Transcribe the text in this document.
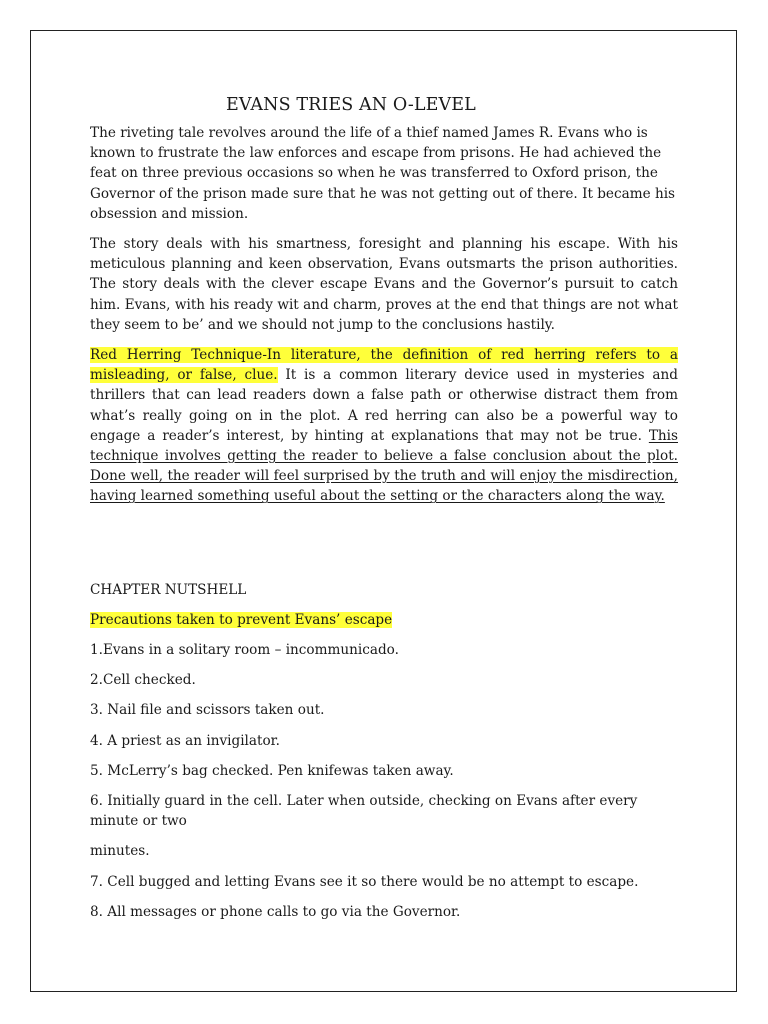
EVANS TRIES AN O-LEVEL

The riveting tale revolves around the life of a thief named James R. Evans who is known to frustrate the law enforces and escape from prisons. He had achieved the feat on three previous occasions so when he was transferred to Oxford prison, the Governor of the prison made sure that he was not getting out of there. It became his obsession and mission.

The story deals with his smartness, foresight and planning his escape. With his meticulous planning and keen observation, Evans outsmarts the prison authorities. The story deals with the clever escape Evans and the Governor’s pursuit to catch him. Evans, with his ready wit and charm, proves at the end that things are not what they seem to be’ and we should not jump to the conclusions hastily.

Red Herring Technique-In literature, the definition of red herring refers to a misleading, or false, clue. It is a common literary device used in mysteries and thrillers that can lead readers down a false path or otherwise distract them from what’s really going on in the plot. A red herring can also be a powerful way to engage a reader’s interest, by hinting at explanations that may not be true. This technique involves getting the reader to believe a false conclusion about the plot. Done well, the reader will feel surprised by the truth and will enjoy the misdirection, having learned something useful about the setting or the characters along the way.

CHAPTER NUTSHELL

Precautions taken to prevent Evans’ escape

1.Evans in a solitary room – incommunicado.

2.Cell checked.

3. Nail file and scissors taken out.

4. A priest as an invigilator.

5. McLerry’s bag checked. Pen knifewas taken away.

6. Initially guard in the cell. Later when outside, checking on Evans after every minute or two

minutes.

7. Cell bugged and letting Evans see it so there would be no attempt to escape.

8. All messages or phone calls to go via the Governor.
